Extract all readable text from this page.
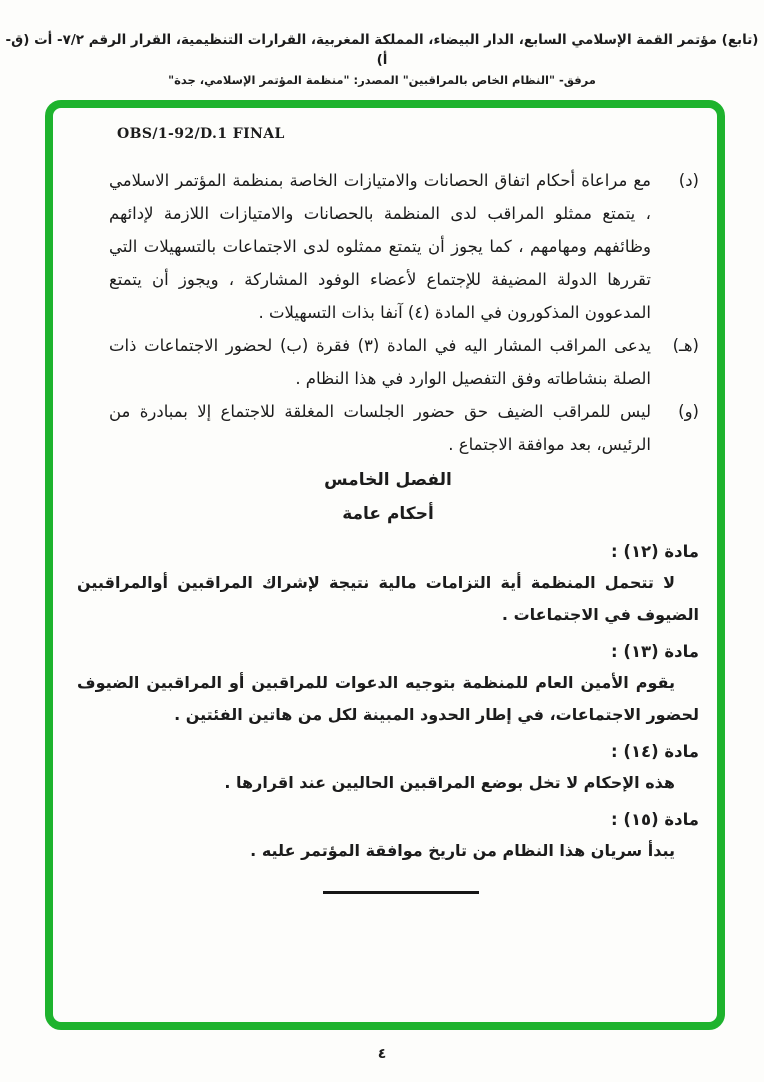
(تابع) مؤتمر القمة الإسلامي السابع، الدار البيضاء، المملكة المغربية، القرارات التنظيمية، القرار الرقم ٧/٢- أت (ق- أ)
مرفق- "النظام الخاص بالمراقبين" المصدر: "منظمة المؤتمر الإسلامي، جدة"
OBS/1-92/D.1 FINAL
(د)
مع مراعاة أحكام اتفاق الحصانات والامتيازات الخاصة بمنظمة المؤتمر الاسلامي ، يتمتع ممثلو المراقب لدى المنظمة بالحصانات والامتيازات اللازمة لإدائهم وظائفهم ومهامهم ، كما يجوز أن يتمتع ممثلوه لدى الاجتماعات بالتسهيلات التي تقررها الدولة المضيفة للإجتماع لأعضاء الوفود المشاركة ، ويجوز أن يتمتع المدعوون المذكورون في المادة (٤) آنفا بذات التسهيلات .
(هـ)
يدعى المراقب المشار اليه في المادة (٣) فقرة (ب) لحضور الاجتماعات ذات الصلة بنشاطاته وفق التفصيل الوارد في هذا النظام .
(و)
ليس للمراقب الضيف حق حضور الجلسات المغلقة للاجتماع إلا بمبادرة من الرئيس، بعد موافقة الاجتماع .
الفصل الخامس
أحكام عامة
مادة (١٢) :

لا تتحمل المنظمة أية التزامات مالية نتيجة لإشراك المراقبين أوالمراقبين الضيوف في الاجتماعات .

مادة (١٣) :

يقوم الأمين العام للمنظمة بتوجيه الدعوات للمراقبين أو المراقبين الضيوف لحضور الاجتماعات، في إطار الحدود المبينة لكل من هاتين الفئتين .

مادة (١٤) :

هذه الإحكام لا تخل بوضع المراقبين الحاليين عند اقرارها .

مادة (١٥) :

يبدأ سريان هذا النظام من تاريخ موافقة المؤتمر عليه .

٤
